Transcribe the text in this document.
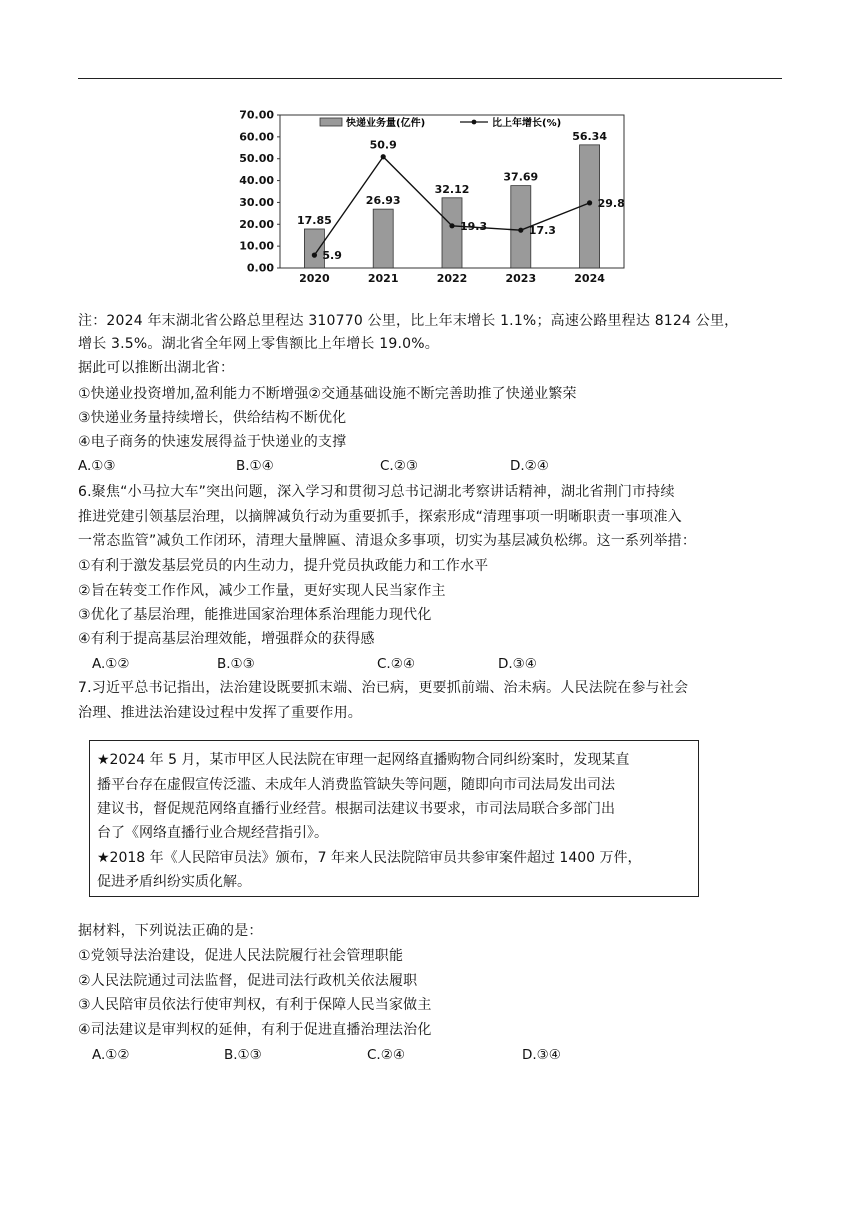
70.00
60.00
50.00
40.00
30.00
20.00
10.00
0.00
2020	2021	2022	2023	2024
17.85
26.93
32.12
37.69
56.34
5.9
50.9
19.3	17.3
29.8
快递业务量(亿件)	比上年增长(%)
注：2024 年末湖北省公路总里程达 310770 公里，比上年末增长 1.1%；高速公路里程达 8124 公里，
增长 3.5%。湖北省全年网上零售额比上年增长 19.0%。
据此可以推断出湖北省：
①快递业投资增加,盈利能力不断增强②交通基础设施不断完善助推了快递业繁荣
③快递业务量持续增长，供给结构不断优化
④电子商务的快速发展得益于快递业的支撑
A.①③	B.①④	C.②③	D.②④
6.聚焦“小马拉大车”突出问题，深入学习和贯彻习总书记湖北考察讲话精神，湖北省荆门市持续
推进党建引领基层治理，以摘牌减负行动为重要抓手，探索形成“清理事项一明晰职责一事项准入
一常态监管”减负工作闭环，清理大量牌匾、清退众多事项，切实为基层减负松绑。这一系列举措：
①有利于激发基层党员的内生动力，提升党员执政能力和工作水平
②旨在转变工作作风，减少工作量，更好实现人民当家作主
③优化了基层治理，能推进国家治理体系治理能力现代化
④有利于提高基层治理效能，增强群众的获得感
A.①②	B.①③	C.②④	D.③④
7.习近平总书记指出，法治建设既要抓末端、治已病，更要抓前端、治未病。人民法院在参与社会
治理、推进法治建设过程中发挥了重要作用。
★2024 年 5 月，某市甲区人民法院在审理一起网络直播购物合同纠纷案时，发现某直
播平台存在虚假宣传泛滥、未成年人消费监管缺失等问题，随即向市司法局发出司法
建议书，督促规范网络直播行业经营。根据司法建议书要求，市司法局联合多部门出
台了《网络直播行业合规经营指引》。
★2018 年《人民陪审员法》颁布，7 年来人民法院陪审员共参审案件超过 1400 万件，
促进矛盾纠纷实质化解。
据材料，下列说法正确的是：
①党领导法治建设，促进人民法院履行社会管理职能
②人民法院通过司法监督，促进司法行政机关依法履职
③人民陪审员依法行使审判权，有利于保障人民当家做主
④司法建议是审判权的延伸，有利于促进直播治理法治化
A.①②	B.①③	C.②④	D.③④
